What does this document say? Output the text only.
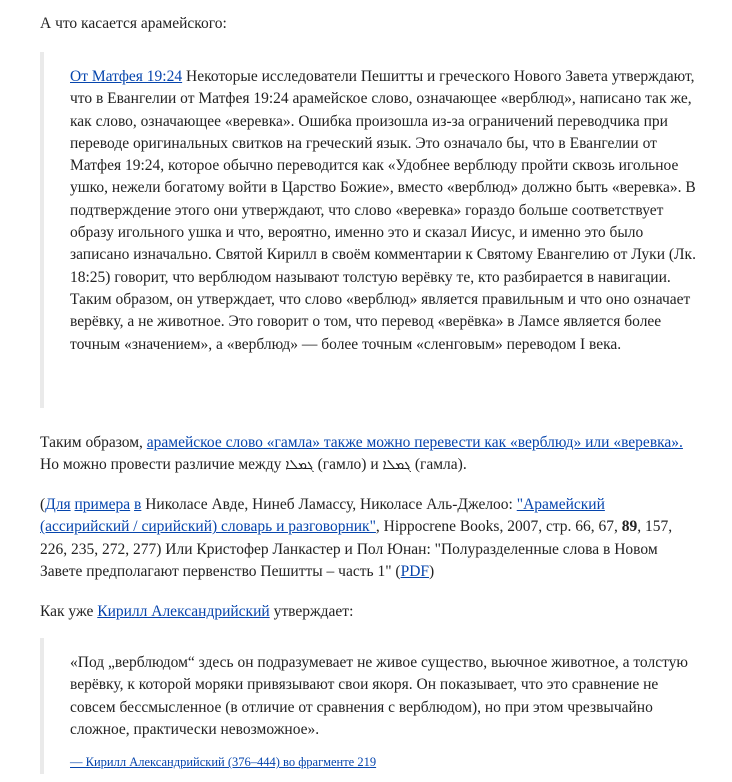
А что касается арамейского:

От Матфея 19:24 Некоторые исследователи Пешитты и греческого Нового Завета утверждают, что в Евангелии от Матфея 19:24 арамейское слово, означающее «верблюд», написано так же, как слово, означающее «веревка». Ошибка произошла из-за ограничений переводчика при переводе оригинальных свитков на греческий язык. Это означало бы, что в Евангелии от Матфея 19:24, которое обычно переводится как «Удобнее верблюду пройти сквозь игольное ушко, нежели богатому войти в Царство Божие», вместо «верблюд» должно быть «веревка». В подтверждение этого они утверждают, что слово «веревка» гораздо больше соответствует образу игольного ушка и что, вероятно, именно это и сказал Иисус, и именно это было записано изначально. Святой Кирилл в своём комментарии к Святому Евангелию от Луки (Лк. 18:25) говорит, что верблюдом называют толстую верёвку те, кто разбирается в навигации. Таким образом, он утверждает, что слово «верблюд» является правильным и что оно означает верёвку, а не животное. Это говорит о том, что перевод «верёвка» в Ламсе является более точным «значением», а «верблюд» — более точным «сленговым» переводом I века.

Таким образом, арамейское слово «гамла» также можно перевести как «верблюд» или «веревка». Но можно провести различие между ܓܡܠܐ (гамло) и ܓܡܠܐ (гамла).
(Для примера в Николасе Авде, Нинеб Ламассу, Николасе Аль-Джелоо: "Арамейский (ассирийский / сирийский) словарь и разговорник", Hippocrene Books, 2007, стр. 66, 67, 89, 157, 226, 235, 272, 277) Или Кристофер Ланкастер и Пол Юнан: "Полуразделенные слова в Новом Завете предполагают первенство Пешитты – часть 1" (PDF)
Как уже Кирилл Александрийский утверждает:

«Под „верблюдом“ здесь он подразумевает не живое существо, вьючное животное, а толстую верёвку, к которой моряки привязывают свои якоря. Он показывает, что это сравнение не совсем бессмысленное (в отличие от сравнения с верблюдом), но при этом чрезвычайно сложное, практически невозможное».

— Кирилл Александрийский (376–444) во фрагменте 219
